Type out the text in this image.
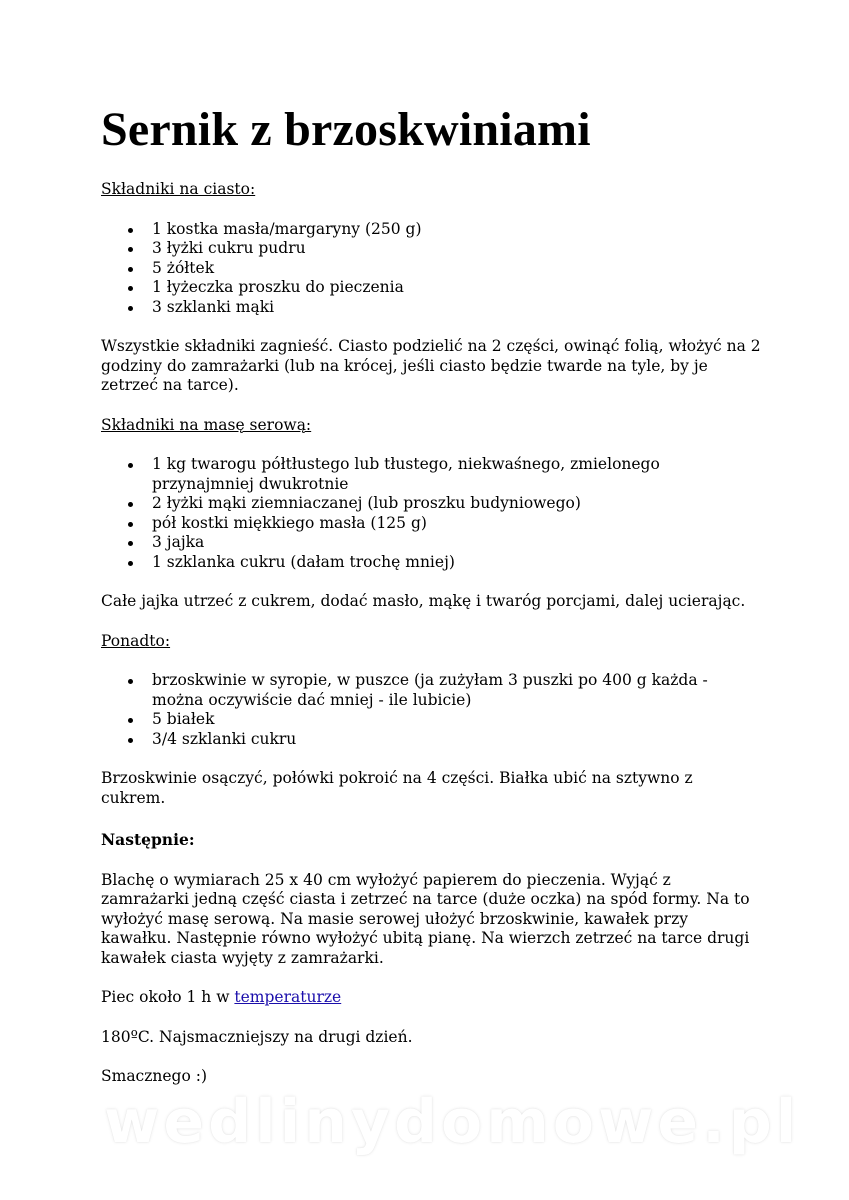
Sernik z brzoskwiniami
Składniki na ciasto:
1 kostka masła/margaryny (250 g)
3 łyżki cukru pudru
5 żółtek
1 łyżeczka proszku do pieczenia
3 szklanki mąki

Wszystkie składniki zagnieść. Ciasto podzielić na 2 części, owinąć folią, włożyć na 2 godziny do zamrażarki (lub na krócej, jeśli ciasto będzie twarde na tyle, by je zetrzeć na tarce).

Składniki na masę serową:
1 kg twarogu półtłustego lub tłustego, niekwaśnego, zmielonego przynajmniej dwukrotnie
2 łyżki mąki ziemniaczanej (lub proszku budyniowego)
pół kostki miękkiego masła (125 g)
3 jajka
1 szklanka cukru (dałam trochę mniej)

Całe jajka utrzeć z cukrem, dodać masło, mąkę i twaróg porcjami, dalej ucierając.

Ponadto:
brzoskwinie w syropie, w puszce (ja zużyłam 3 puszki po 400 g każda - można oczywiście dać mniej - ile lubicie)
5 białek
3/4 szklanki cukru

Brzoskwinie osączyć, połówki pokroić na 4 części. Białka ubić na sztywno z cukrem.

Następnie:

Blachę o wymiarach 25 x 40 cm wyłożyć papierem do pieczenia. Wyjąć z zamrażarki jedną część ciasta i zetrzeć na tarce (duże oczka) na spód formy. Na to wyłożyć masę serową. Na masie serowej ułożyć brzoskwinie, kawałek przy kawałku. Następnie równo wyłożyć ubitą pianę. Na wierzch zetrzeć na tarce drugi kawałek ciasta wyjęty z zamrażarki.

Piec około 1 h w temperaturze

180ºC. Najsmaczniejszy na drugi dzień.

Smacznego :)

wedlinydomowe.pl
